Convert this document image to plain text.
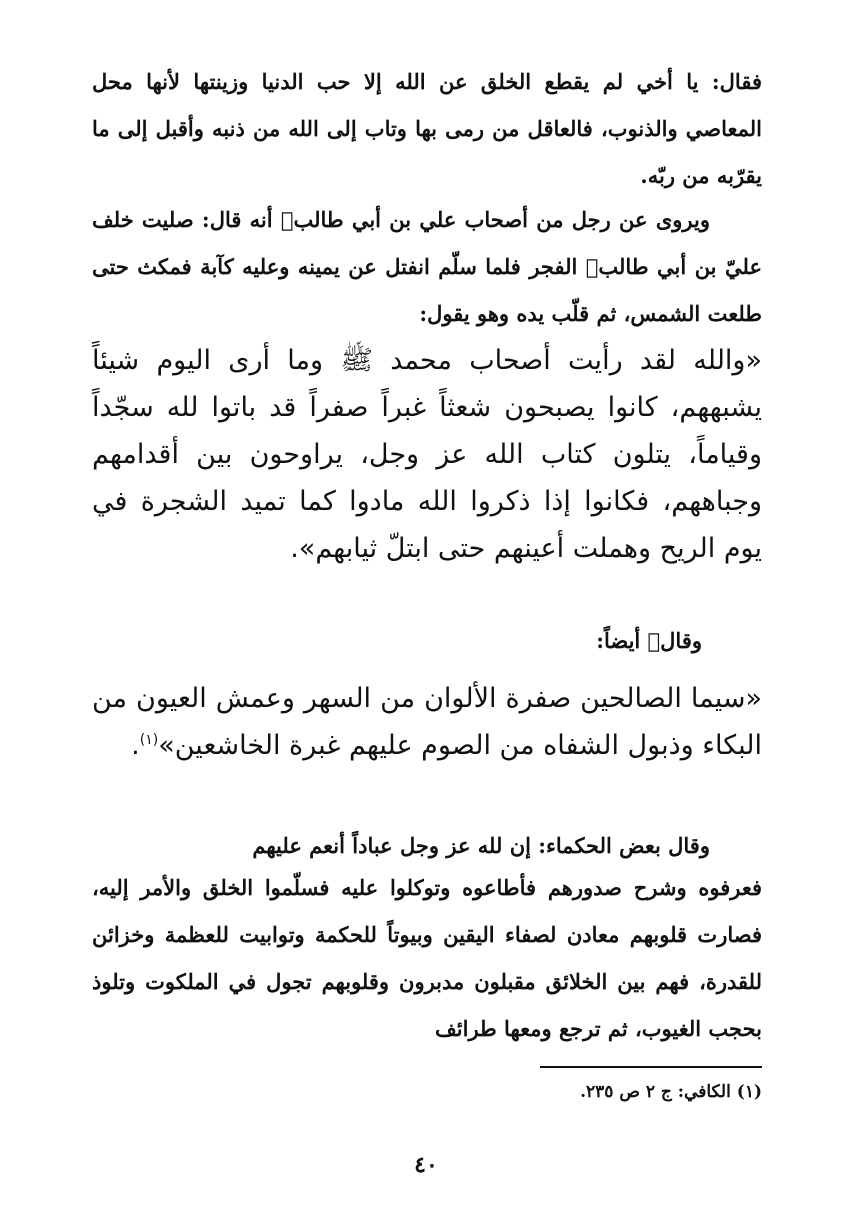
فقال: يا أخي لم يقطع الخلق عن الله إلا حب الدنيا وزينتها لأنها محل المعاصي والذنوب، فالعاقل من رمى بها وتاب إلى الله من ذنبه وأقبل إلى ما يقرّبه من ربّه.
ويروى عن رجل من أصحاب علي بن أبي طالب﷣ أنه قال: صليت خلف عليّ بن أبي طالب﷣ الفجر فلما سلّم انفتل عن يمينه وعليه كآبة فمكث حتى طلعت الشمس، ثم قلّب يده وهو يقول:
«والله لقد رأيت أصحاب محمد ﷺ وما أرى اليوم شيئاً يشبههم، كانوا يصبحون شعثاً غبراً صفراً قد باتوا لله سجّداً وقياماً، يتلون كتاب الله عز وجل، يراوحون بين أقدامهم وجباههم، فكانوا إذا ذكروا الله مادوا كما تميد الشجرة في يوم الريح وهملت أعينهم حتى ابتلّ ثيابهم».
وقال﷣ أيضاً:
«سيما الصالحين صفرة الألوان من السهر وعمش العيون من البكاء وذبول الشفاه من الصوم عليهم غبرة الخاشعين»$^{(١)}$.
وقال بعض الحكماء: إن لله عز وجل عباداً أنعم عليهم
فعرفوه وشرح صدورهم فأطاعوه وتوكلوا عليه فسلّموا الخلق والأمر إليه، فصارت قلوبهم معادن لصفاء اليقين وبيوتاً للحكمة وتوابيت للعظمة وخزائن للقدرة، فهم بين الخلائق مقبلون مدبرون وقلوبهم تجول في الملكوت وتلوذ بحجب الغيوب، ثم ترجع ومعها طرائف
(١) الكافي: ج ٢ ص ٢٣٥.
٤٠
